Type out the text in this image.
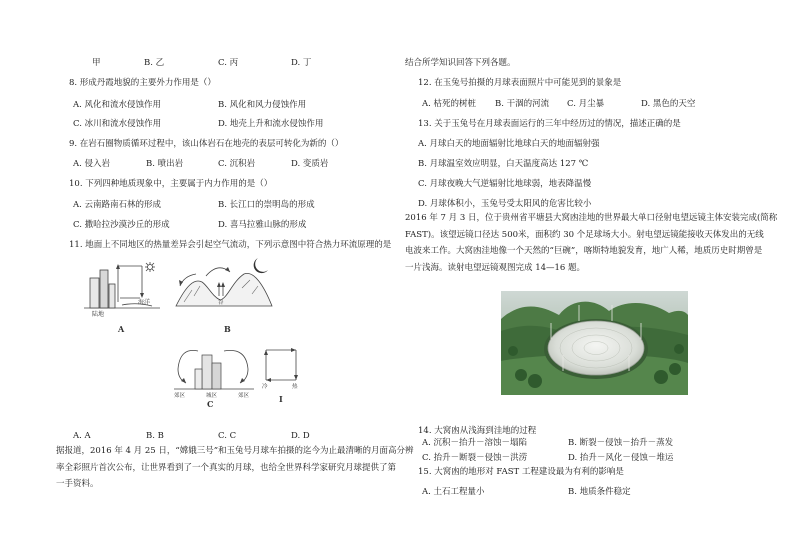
甲	B. 乙	C. 丙	D. 丁
8. 形成丹霞地貌的主要外力作用是（）
A. 风化和流水侵蚀作用	B. 风化和风力侵蚀作用
C. 冰川和流水侵蚀作用	D. 地壳上升和流水侵蚀作用
9. 在岩石圈物质循环过程中，该山体岩石在地壳的表层可转化为新的（）
A. 侵入岩	B. 喷出岩	C. 沉积岩	D. 变质岩
10. 下列四种地质现象中，主要属于内力作用的是（）
A. 云南路南石林的形成	B. 长江口的崇明岛的形成
C. 撒哈拉沙漠沙丘的形成	D. 喜马拉雅山脉的形成
11. 地面上不同地区的热量差异会引起空气流动，下列示意图中符合热力环流原理的是
陆地
海洋
A
谷
B
郊区	城区	郊区
C
冷	热
I
A. A	B. B	C. C	D. D
据报道，2016 年 4 月 25 日，“嫦娥三号”和玉兔号月球车拍摄的迄今为止最清晰的月面高分辨
率全彩照片首次公布，让世界看到了一个真实的月球，也给全世界科学家研究月球提供了第
一手资料。
结合所学知识回答下列各题。
12. 在玉兔号拍摄的月球表面照片中可能见到的景象是
A. 枯死的树桩 B. 干涸的河流 C. 月尘暴	D. 黑色的天空
13. 关于玉兔号在月球表面运行的三年中经历过的情况，描述正确的是
A. 月球白天的地面辐射比地球白天的地面辐射强
B. 月球温室效应明显，白天温度高达 127 ℃
C. 月球夜晚大气逆辐射比地球弱，地表降温慢
D. 月球体积小，玉兔号受太阳风的危害比较小
2016 年 7 月 3 日，位于贵州省平塘县大窝凼洼地的世界最大单口径射电望远镜主体安装完成(简称
FAST)。该望远镜口径达 500米，面积约 30 个足球场大小。射电望远镜能接收天体发出的无线
电波来工作。大窝凼洼地像一个天然的“巨碗”，喀斯特地貌发育，地广人稀，地质历史时期曾是
一片浅海。读射电望远镜观图完成 14—16 题。
14. 大窝凼从浅海到洼地的过程
A. 沉积－抬升－溶蚀－塌陷	B. 断裂－侵蚀－抬升－蒸发
C. 抬升－断裂－侵蚀－洪涝	D. 抬升－风化－侵蚀－堆运
15. 大窝凼的地形对 FAST 工程建设最为有利的影响是
A. 土石工程量小	B. 地质条件稳定
